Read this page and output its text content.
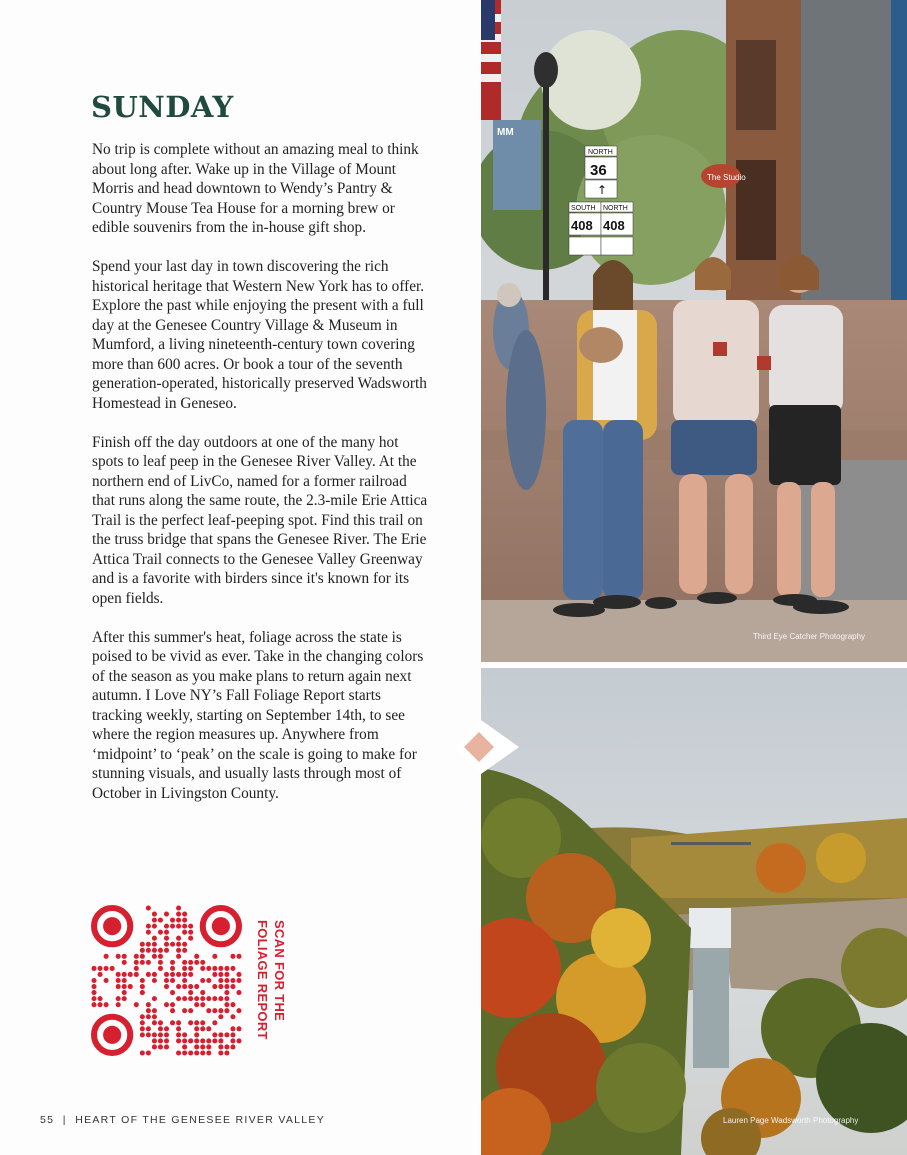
SUNDAY

No trip is complete without an amazing meal to think about long after. Wake up in the Village of Mount Morris and head downtown to Wendy’s Pantry & Country Mouse Tea House for a morning brew or edible souvenirs from the in-house gift shop.

Spend your last day in town discovering the rich historical heritage that Western New York has to offer. Explore the past while enjoying the present with a full day at the Genesee Country Village & Museum in Mumford, a living nineteenth-century town covering more than 600 acres. Or book a tour of the seventh generation-operated, historically preserved Wadsworth Homestead in Geneseo.

Finish off the day outdoors at one of the many hot spots to leaf peep in the Genesee River Valley. At the northern end of LivCo, named for a former railroad that runs along the same route, the 2.3-mile Erie Attica Trail is the perfect leaf-peeping spot. Find this trail on the truss bridge that spans the Genesee River. The Erie Attica Trail connects to the Genesee Valley Greenway and is a favorite with birders since it's known for its open fields.

After this summer's heat, foliage across the state is poised to be vivid as ever. Take in the changing colors of the season as you make plans to return again next autumn. I Love NY’s Fall Foliage Report starts tracking weekly, starting on September 14th, to see where the region measures up. Anywhere from ‘midpoint’ to ‘peak’ on the scale is going to make for stunning visuals, and usually lasts through most of October in Livingston County.

SCAN FOR THE
FOLIAGE REPORT
55 | HEART OF THE GENESEE RIVER VALLEY
MM
NORTH
36
↑
SOUTH NORTH
408 408
The Studio
Third Eye Catcher Photography
Lauren Page Wadsworth Photography
